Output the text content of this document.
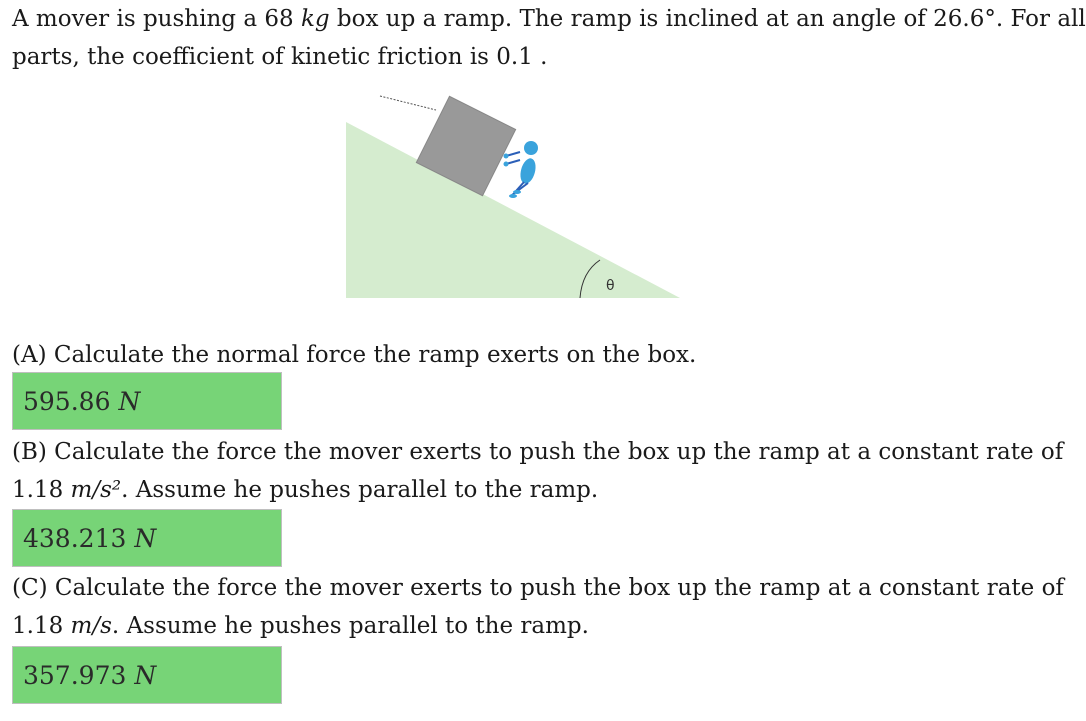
A mover is pushing a 68 kg box up a ramp. The ramp is inclined at an angle of 26.6°. For all
parts, the coefficient of kinetic friction is 0.1 .
θ
(A) Calculate the normal force the ramp exerts on the box.
595.86 N
(B) Calculate the force the mover exerts to push the box up the ramp at a constant rate of
1.18 m/s². Assume he pushes parallel to the ramp.
438.213 N
(C) Calculate the force the mover exerts to push the box up the ramp at a constant rate of
1.18 m/s. Assume he pushes parallel to the ramp.
357.973 N
